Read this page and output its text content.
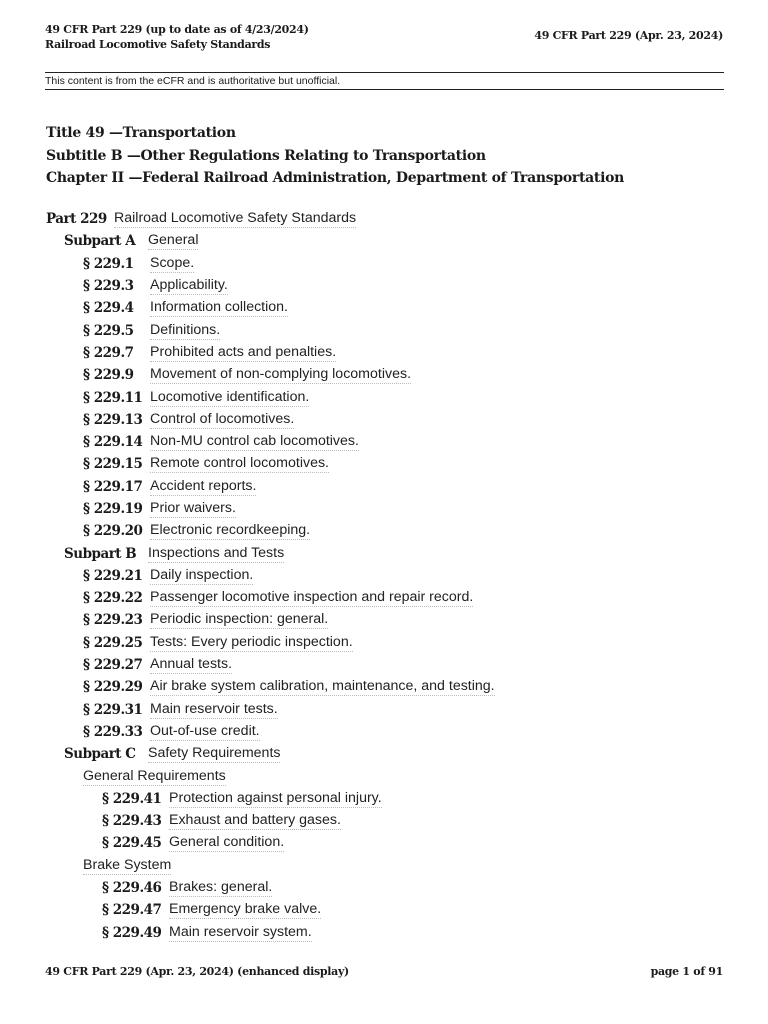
49 CFR Part 229 (up to date as of 4/23/2024)
Railroad Locomotive Safety Standards
49 CFR Part 229 (Apr. 23, 2024)
This content is from the eCFR and is authoritative but unofficial.
Title 49 —Transportation
Subtitle B —Other Regulations Relating to Transportation
Chapter II —Federal Railroad Administration, Department of Transportation
Part 229 Railroad Locomotive Safety Standards
Subpart A General
§ 229.1	Scope.
§ 229.3	Applicability.
§ 229.4	Information collection.
§ 229.5	Definitions.
§ 229.7	Prohibited acts and penalties.
§ 229.9	Movement of non-complying locomotives.
§ 229.11 Locomotive identification.
§ 229.13 Control of locomotives.
§ 229.14 Non-MU control cab locomotives.
§ 229.15 Remote control locomotives.
§ 229.17 Accident reports.
§ 229.19 Prior waivers.
§ 229.20 Electronic recordkeeping.
Subpart B Inspections and Tests
§ 229.21 Daily inspection.
§ 229.22 Passenger locomotive inspection and repair record.
§ 229.23 Periodic inspection: general.
§ 229.25 Tests: Every periodic inspection.
§ 229.27 Annual tests.
§ 229.29 Air brake system calibration, maintenance, and testing.
§ 229.31 Main reservoir tests.
§ 229.33 Out-of-use credit.
Subpart C Safety Requirements
General Requirements
§ 229.41 Protection against personal injury.
§ 229.43 Exhaust and battery gases.
§ 229.45 General condition.
Brake System
§ 229.46 Brakes: general.
§ 229.47 Emergency brake valve.
§ 229.49 Main reservoir system.
49 CFR Part 229 (Apr. 23, 2024) (enhanced display)	page 1 of 91
